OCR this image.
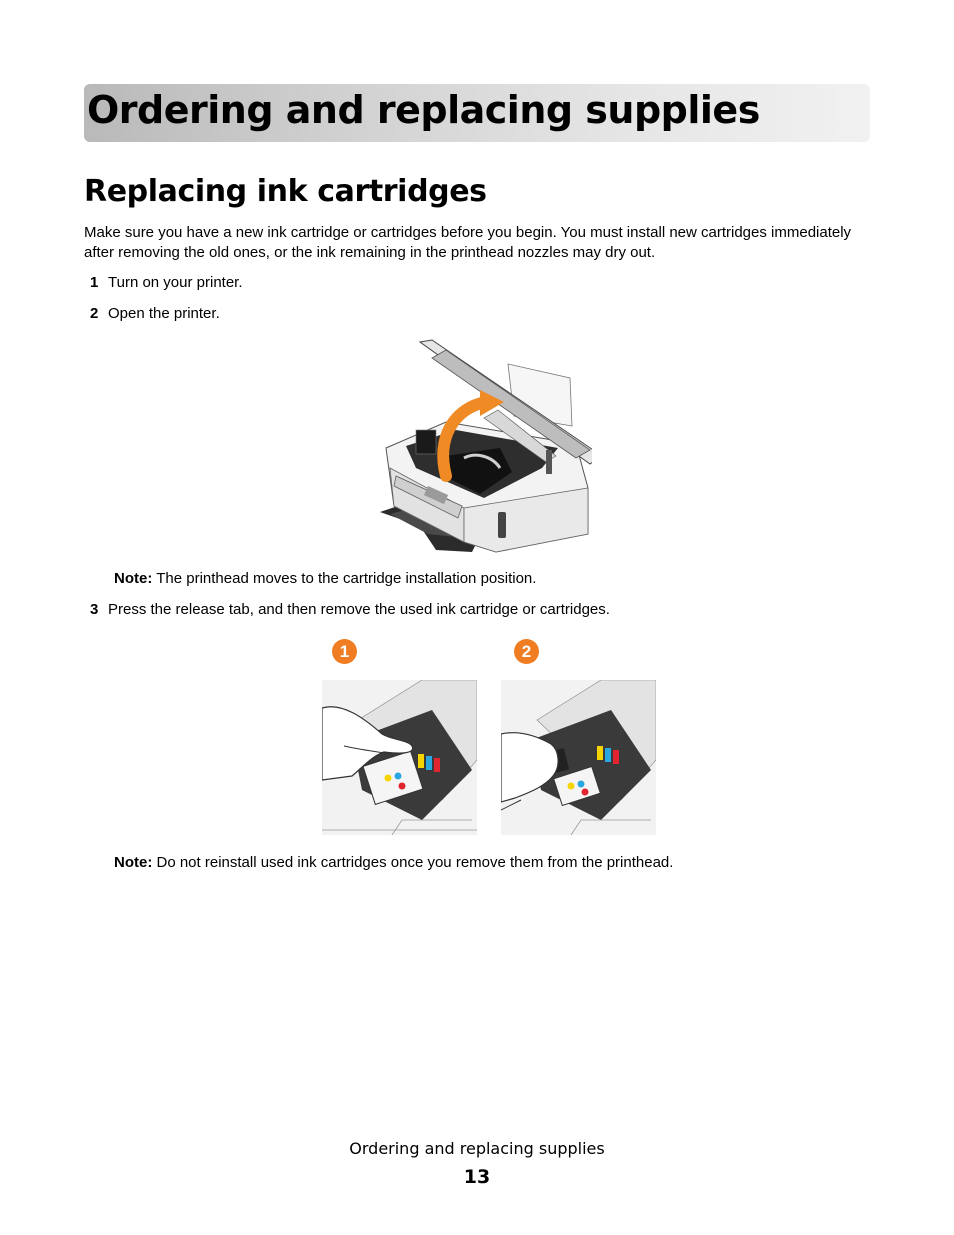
Ordering and replacing supplies
Replacing ink cartridges

Make sure you have a new ink cartridge or cartridges before you begin. You must install new cartridges immediately after removing the old ones, or the ink remaining in the printhead nozzles may dry out.

1 Turn on your printer.
2 Open the printer.
Note: The printhead moves to the cartridge installation position.
3 Press the release tab, and then remove the used ink cartridge or cartridges.
1	2
Note: Do not reinstall used ink cartridges once you remove them from the printhead.
Ordering and replacing supplies
13
